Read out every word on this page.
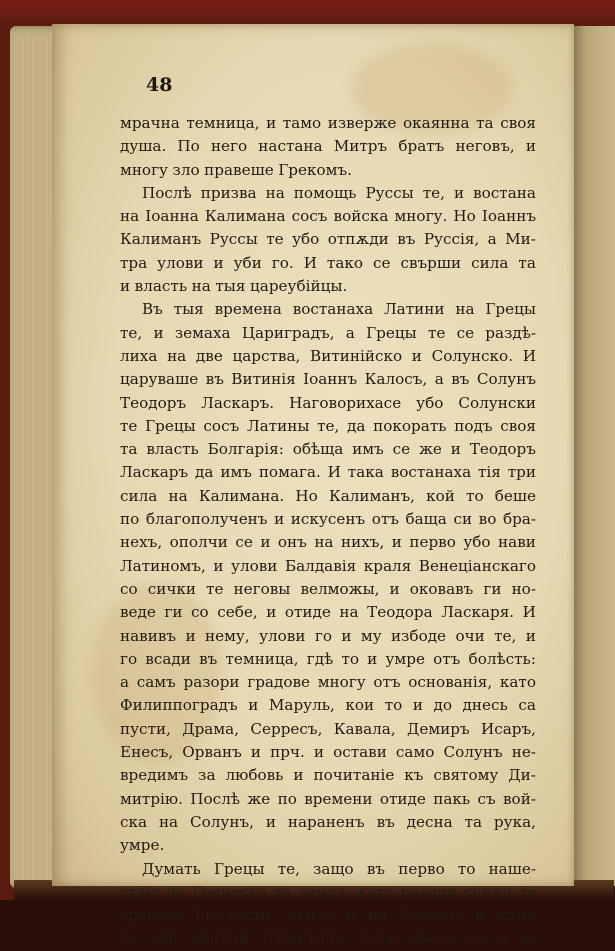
48

мрачна темница, и тамо изверже окаянна та своя
душа. По него настана Митръ братъ неговъ, и
многу зло правеше Грекомъ.
Послѣ призва на помощь Руссы те, и востана
на Іоанна Калимана сосъ войска многу. Но Іоаннъ
Калиманъ Руссы те убо отпѫди въ Руссія, а Ми-
тра улови и уби го. И тако се свърши сила та
и власть на тыя цареубійцы.
Въ тыя времена востанаха Латини на Грецы
те, и земаха Цариградъ, а Грецы те се раздѣ-
лиха на две царства, Витинійско и Солунско. И
царуваше въ Витинія Іоаннъ Калосъ, а въ Солунъ
Теодоръ Ласкаръ. Наговорихасе убо Солунски
те Грецы сосъ Латины те, да покорать подъ своя
та власть Болгарія: обѣща имъ се же и Теодоръ
Ласкаръ да имъ помага. И така востанаха тія три
сила на Калимана. Но Калиманъ, кой то беше
по благополученъ и искусенъ отъ баща си во бра-
нехъ, ополчи се и онъ на нихъ, и перво убо нави
Латиномъ, и улови Балдавія краля Венеціанскаго
со сички те неговы велможы, и оковавъ ги но-
веде ги со себе, и отиде на Теодора Ласкаря. И
навивъ и нему, улови го и му избоде очи те, и
го всади въ темница, гдѣ то и умре отъ болѣсть:
а самъ разори градове многу отъ основанія, като
Филиппоградъ и Маруль, кои то и до днесь са
пусти, Драма, Серресъ, Кавала, Демиръ Исаръ,
Енесъ, Орванъ и прч. и остави само Солунъ не-
вредимъ за любовь и почитаніе къ святому Ди-
митрію. Послѣ же по времени отиде пакь съ вой-
ска на Солунъ, и нараненъ въ десна та рука,
умре.
Думать Грецы те, защо въ перво то наше-
ствіе на Греческа та земля, като разори сички те
градове Гречески, отиде и на Солунъ, и тамо
го уби обятый Димитрій. Това обаче не е и-
